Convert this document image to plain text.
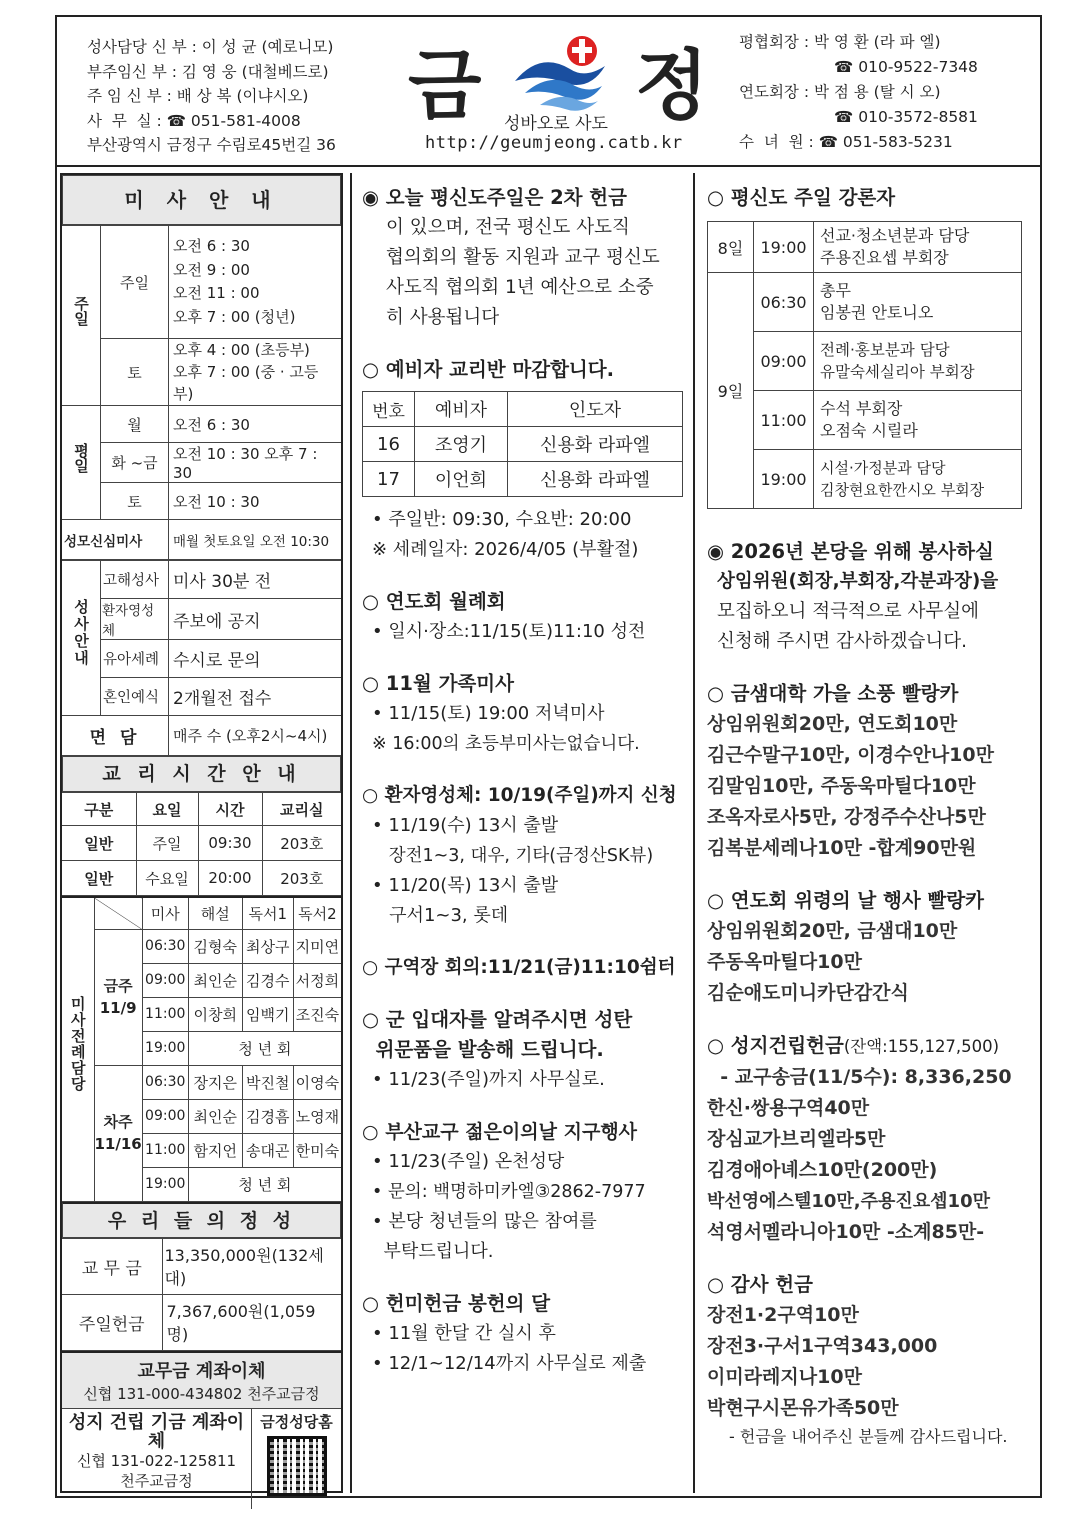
성사담당 신 부 : 이 성 균 (예로니모)
부주임신 부 : 김 영 웅 (대철베드로)
주 임 신 부 : 배 상 복 (이냐시오)
사  무  실 : ☎ 051-581-4008
부산광역시 금정구 수림로45번길 36
금 정
성바오로 사도
http://geumjeong.catb.kr
평협회장 : 박 영 환 (라 파 엘)
☎ 010-9522-7348
연도회장 : 박 점 용 (탈 시 오)
☎ 010-3572-8581
수  녀  원 : ☎ 051-583-5231
미 사 안 내
주일	주일	오전 6 : 30
오전 9 : 00
오전 11 : 00
오후 7 : 00 (청년)

	토	오후 4 : 00 (초등부)
오후 7 : 00 (중 · 고등부)

평일	월	오전 6 : 30
	화 ~금	오전 10 : 30 오후 7 : 30
	토	오전 10 : 30
성모신심미사		매월 첫토요일 오전 10:30
성사안내	고해성사	미사 30분 전
	환자영성체	주보에 공지
	유아세례	수시로 문의
	혼인예식	2개월전 접수
면 담		매주 수 (오후2시~4시)
교 리 시 간 안 내
구분	요일	시간	교리실
일반	주일	09:30	203호
일반	수요일	20:00	203호
미사전례담당		미사	해설	독서1	독서2
	금주 11/9	06:30	김형숙	최상구	지미연
		09:00	최인순	김경수	서정희
		11:00	이창희	임백기	조진숙
		19:00	청 년 회		
	차주 11/16	06:30	장지은	박진철	이영숙
		09:00	최인순	김경흠	노영재
		11:00	함지언	송대곤	한미숙
		19:00	청 년 회		
우 리 들 의 정 성
교 무 금	13,350,000원(132세대)
주일헌금	7,367,600원(1,059명)
교무금 계좌이체
신협 131-000-434802 천주교금정
성지 건립 기금 계좌이체
신협 131-022-125811
천주교금정
금정성당홈
◉ 오늘 평신도주일은 2차 헌금
이 있으며, 전국 평신도 사도직
협의회의 활동 지원과 교구 평신도
사도직 협의회 1년 예산으로 소중
히 사용됩니다
○ 예비자 교리반 마감합니다.
번호	예비자	인도자
16	조영기	신용화 라파엘
17	이언희	신용화 라파엘
• 주일반: 09:30, 수요반: 20:00
※ 세례일자: 2026/4/05 (부활절)
○ 연도회 월례회
• 일시·장소:11/15(토)11:10 성전
○ 11월 가족미사
• 11/15(토) 19:00 저녁미사
※ 16:00의 초등부미사는없습니다.
○ 환자영성체: 10/19(주일)까지 신청
• 11/19(수) 13시 출발
장전1~3, 대우, 기타(금정산SK뷰)
• 11/20(목) 13시 출발
구서1~3, 롯데
○ 구역장 회의:11/21(금)11:10쉼터
○ 군 입대자를 알려주시면 성탄
위문품을 발송해 드립니다.
• 11/23(주일)까지 사무실로.
○ 부산교구 젊은이의날 지구행사
• 11/23(주일) 온천성당
• 문의: 백명하미카엘③2862-7977
• 본당 청년들의 많은 참여를
부탁드립니다.
○ 헌미헌금 봉헌의 달
• 11월 한달 간 실시 후
• 12/1~12/14까지 사무실로 제출
○ 평신도 주일 강론자
8일	19:00	선교·청소년분과 담당
주용진요셉 부회장

9일	06:30	총무
임봉권 안토니오

	09:00	전례·홍보분과 담당
유말숙세실리아 부회장

	11:00	수석 부회장
오점숙 시릴라

	19:00	시설·가정분과 담당
김창현요한깐시오 부회장
◉ 2026년 본당을 위해 봉사하실
상임위원(회장,부회장,각분과장)을
모집하오니 적극적으로 사무실에
신청해 주시면 감사하겠습니다.
○ 금샘대학 가을 소풍 빨랑카
상임위원회20만, 연도회10만
김근수말구10만, 이경수안나10만
김말임10만, 주동욱마틸다10만
조옥자로사5만, 강정주수산나5만
김복분세레나10만 -합계90만원
○ 연도회 위령의 날 행사 빨랑카
상임위원회20만, 금샘대10만
주동옥마틸다10만
김순애도미니카단감간식
○ 성지건립헌금(잔액:155,127,500)
- 교구송금(11/5수): 8,336,250
한신·쌍용구역40만
장심교가브리엘라5만
김경애아녜스10만(200만)
박선영에스텔10만,주용진요셉10만
석영서멜라니아10만 -소계85만-
○ 감사 헌금
장전1·2구역10만
장전3·구서1구역343,000
이미라레지나10만
박현구시몬유가족50만
- 헌금을 내어주신 분들께 감사드립니다.
